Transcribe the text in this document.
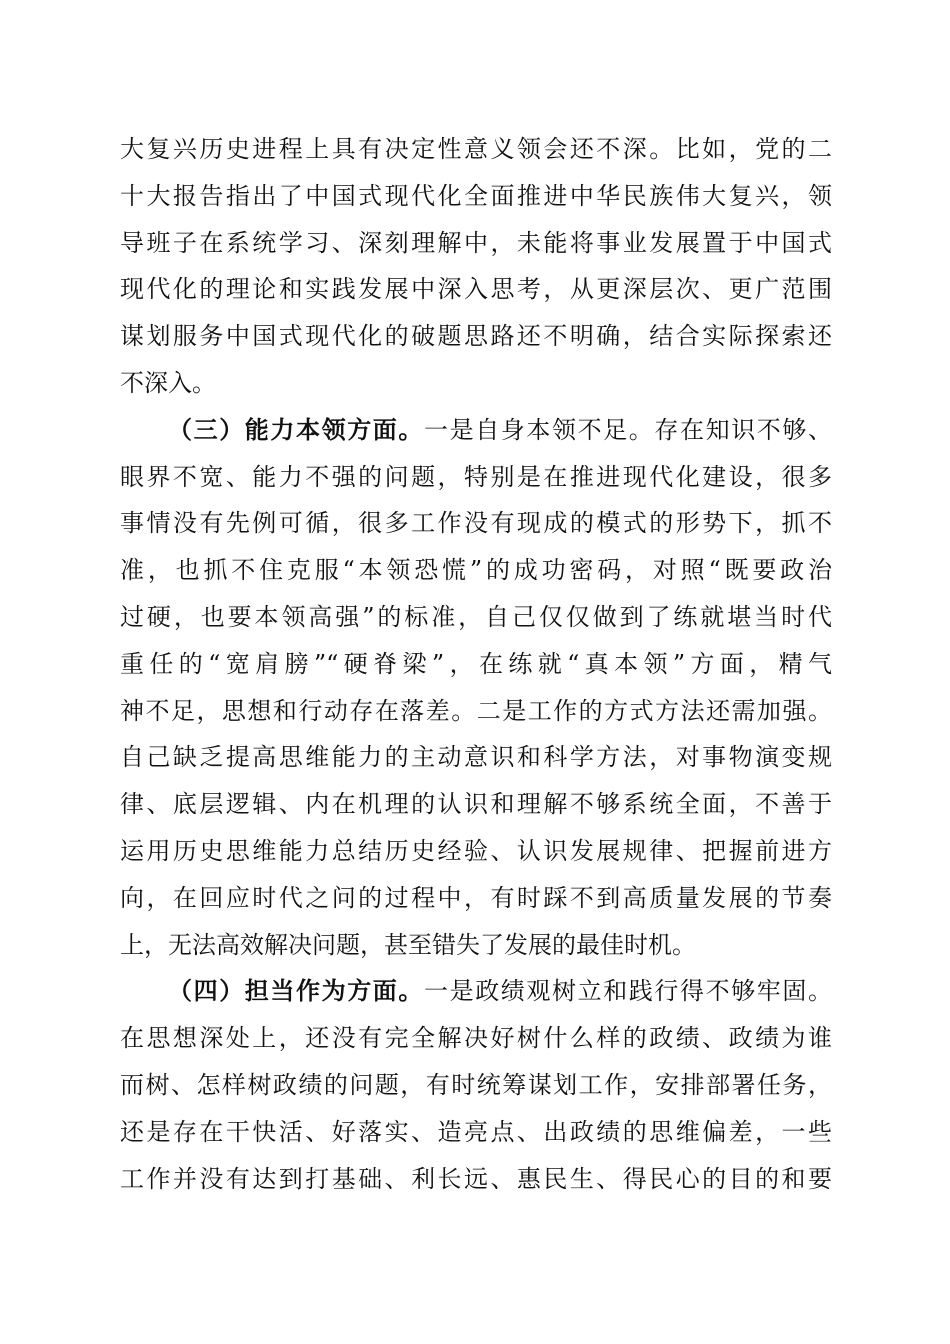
大复兴历史进程上具有决定性意义领会还不深。比如，党的二
十大报告指出了中国式现代化全面推进中华民族伟大复兴，领
导班子在系统学习、深刻理解中，未能将事业发展置于中国式
现代化的理论和实践发展中深入思考，从更深层次、更广范围
谋划服务中国式现代化的破题思路还不明确，结合实际探索还
不深入。
（三）能力本领方面。一是自身本领不足。存在知识不够、
眼界不宽、能力不强的问题，特别是在推进现代化建设，很多
事情没有先例可循，很多工作没有现成的模式的形势下，抓不
准，也抓不住克服“本领恐慌”的成功密码，对照“既要政治
过硬，也要本领高强”的标准，自己仅仅做到了练就堪当时代
重任的“宽肩膀”“硬脊梁”，在练就“真本领”方面，精气
神不足，思想和行动存在落差。二是工作的方式方法还需加强。
自己缺乏提高思维能力的主动意识和科学方法，对事物演变规
律、底层逻辑、内在机理的认识和理解不够系统全面，不善于
运用历史思维能力总结历史经验、认识发展规律、把握前进方
向，在回应时代之问的过程中，有时踩不到高质量发展的节奏
上，无法高效解决问题，甚至错失了发展的最佳时机。
（四）担当作为方面。一是政绩观树立和践行得不够牢固。
在思想深处上，还没有完全解决好树什么样的政绩、政绩为谁
而树、怎样树政绩的问题，有时统筹谋划工作，安排部署任务，
还是存在干快活、好落实、造亮点、出政绩的思维偏差，一些
工作并没有达到打基础、利长远、惠民生、得民心的目的和要
